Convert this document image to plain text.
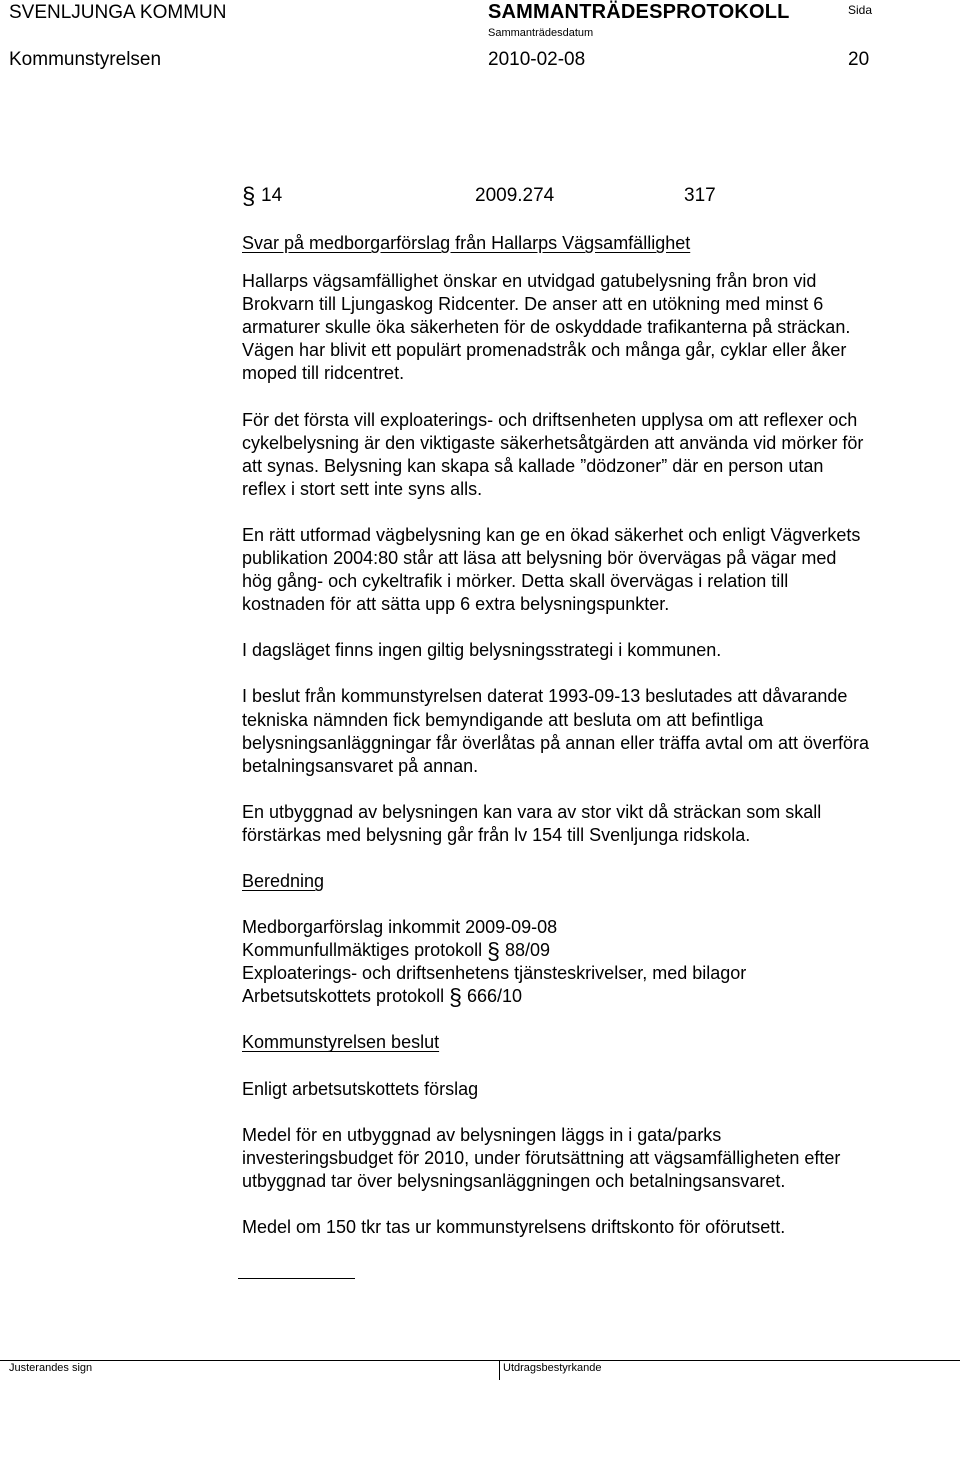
SVENLJUNGA KOMMUN	SAMMANTRÄDESPROTOKOLL
Sammanträdesdatum
Sida
Kommunstyrelsen	2010-02-08	20
§ 14	2009.274	317

Svar på medborgarförslag från Hallarps Vägsamfällighet

Hallarps vägsamfällighet önskar en utvidgad gatubelysning från bron vid

Brokvarn till Ljungaskog Ridcenter. De anser att en utökning med minst 6

armaturer skulle öka säkerheten för de oskyddade trafikanterna på sträckan.

Vägen har blivit ett populärt promenadstråk och många går, cyklar eller åker

moped till ridcentret.

För det första vill exploaterings- och driftsenheten upplysa om att reflexer och

cykelbelysning är den viktigaste säkerhetsåtgärden att använda vid mörker för

att synas. Belysning kan skapa så kallade ”dödzoner” där en person utan

reflex i stort sett inte syns alls.

En rätt utformad vägbelysning kan ge en ökad säkerhet och enligt Vägverkets

publikation 2004:80 står att läsa att belysning bör övervägas på vägar med

hög gång- och cykeltrafik i mörker. Detta skall övervägas i relation till

kostnaden för att sätta upp 6 extra belysningspunkter.

I dagsläget finns ingen giltig belysningsstrategi i kommunen.

I beslut från kommunstyrelsen daterat 1993-09-13 beslutades att dåvarande

tekniska nämnden fick bemyndigande att besluta om att befintliga

belysningsanläggningar får överlåtas på annan eller träffa avtal om att överföra

betalningsansvaret på annan.

En utbyggnad av belysningen kan vara av stor vikt då sträckan som skall

förstärkas med belysning går från lv 154 till Svenljunga ridskola.

Beredning

Medborgarförslag inkommit 2009-09-08

Kommunfullmäktiges protokoll § 88/09

Exploaterings- och driftsenhetens tjänsteskrivelser, med bilagor

Arbetsutskottets protokoll § 666/10

Kommunstyrelsen beslut

Enligt arbetsutskottets förslag

Medel för en utbyggnad av belysningen läggs in i gata/parks

investeringsbudget för 2010, under förutsättning att vägsamfälligheten efter

utbyggnad tar över belysningsanläggningen och betalningsansvaret.

Medel om 150 tkr tas ur kommunstyrelsens driftskonto för oförutsett.

Justerandes sign	Utdragsbestyrkande
